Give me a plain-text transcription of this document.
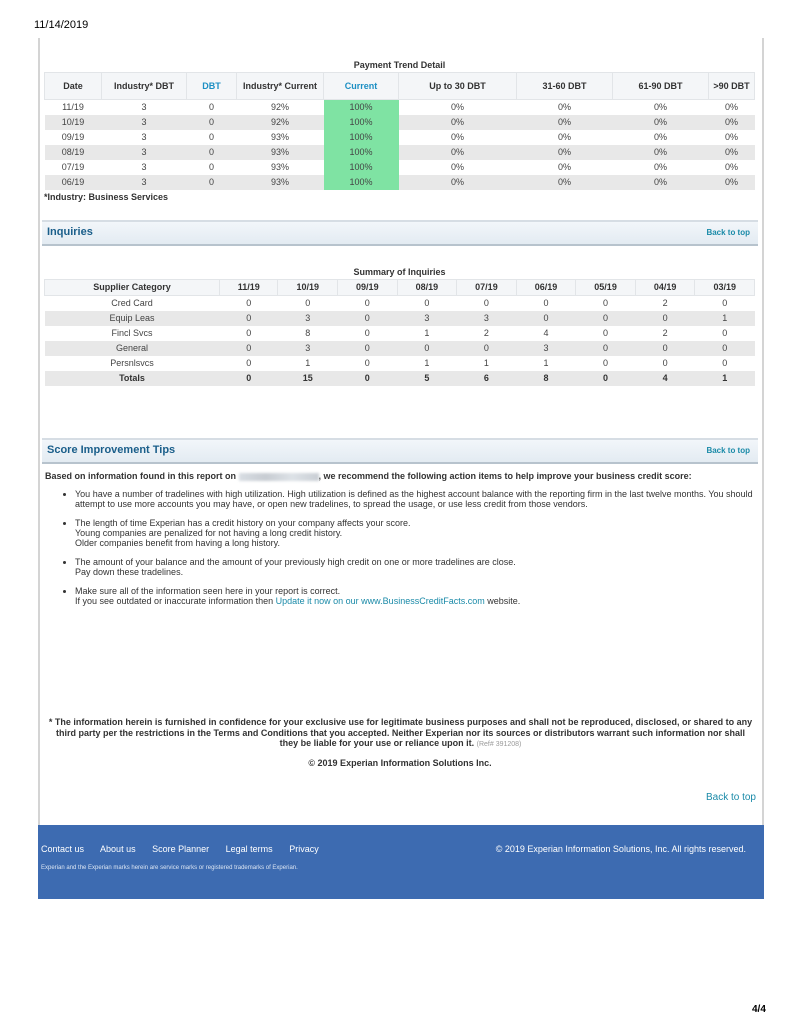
11/14/2019
Payment Trend Detail
Date	Industry* DBT	DBT	Industry* Current	Current	Up to 30 DBT	31-60 DBT	61-90 DBT	>90 DBT
11/19	3	0	92%	100%	0%	0%	0%	0%
10/19	3	0	92%	100%	0%	0%	0%	0%
09/19	3	0	93%	100%	0%	0%	0%	0%
08/19	3	0	93%	100%	0%	0%	0%	0%
07/19	3	0	93%	100%	0%	0%	0%	0%
06/19	3	0	93%	100%	0%	0%	0%	0%
*Industry: Business Services
Inquiries	Back to top
Summary of Inquiries
Supplier Category	11/19	10/19	09/19	08/19	07/19	06/19	05/19	04/19	03/19
Cred Card	0	0	0	0	0	0	0	2	0
Equip Leas	0	3	0	3	3	0	0	0	1
Fincl Svcs	0	8	0	1	2	4	0	2	0
General	0	3	0	0	0	3	0	0	0
Persnlsvcs	0	1	0	1	1	1	0	0	0
Totals	0	15	0	5	6	8	0	4	1
Score Improvement Tips	Back to top
Based on information found in this report on	, we recommend the following action items to help improve your business credit score:
• You have a number of tradelines with high utilization. High utilization is defined as the highest account balance with the reporting firm in the last twelve months. You should attempt to use more accounts you may have, or open new tradelines, to spread the usage, or use less credit from those vendors.
• The length of time Experian has a credit history on your company affects your score.
Young companies are penalized for not having a long credit history.
Older companies benefit from having a long history.
• The amount of your balance and the amount of your previously high credit on one or more tradelines are close.
Pay down these tradelines.
• Make sure all of the information seen here in your report is correct.
If you see outdated or inaccurate information then Update it now on our www.BusinessCreditFacts.com website.
* The information herein is furnished in confidence for your exclusive use for legitimate business purposes and shall not be reproduced, disclosed, or shared to any third party per the restrictions in the Terms and Conditions that you accepted. Neither Experian nor its sources or distributors warrant such information nor shall they be liable for your use or reliance upon it. (Ref# 391208)
© 2019 Experian Information Solutions Inc.
Back to top
Contact us About us Score Planner Legal terms Privacy	© 2019 Experian Information Solutions, Inc. All rights reserved.
Experian and the Experian marks herein are service marks or registered trademarks of Experian.
4/4
